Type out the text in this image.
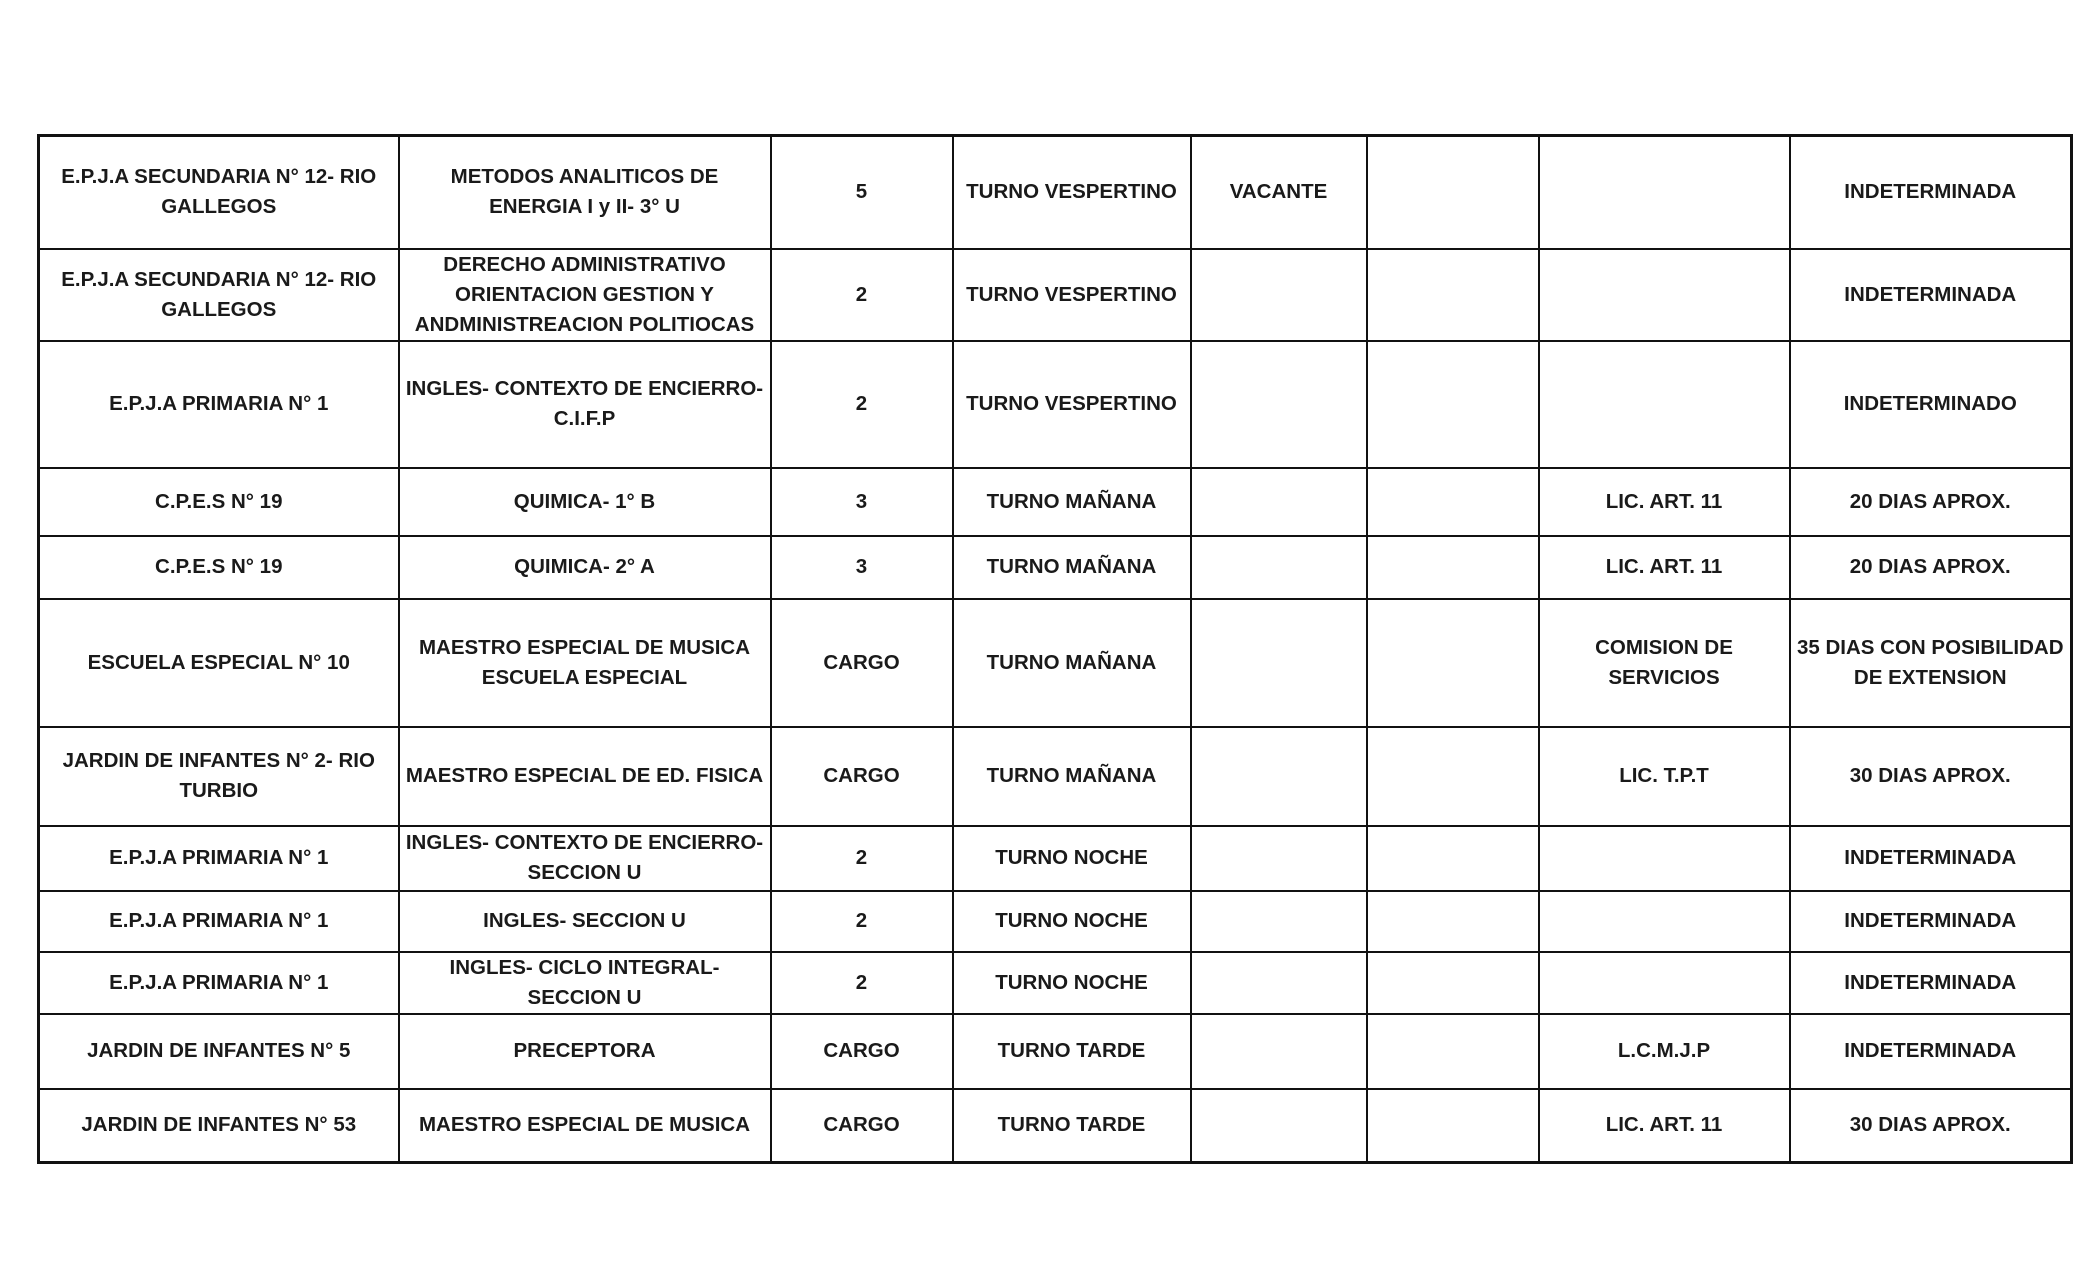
E.P.J.A SECUNDARIA N° 12- RIO GALLEGOS	METODOS ANALITICOS DE ENERGIA I y II- 3° U	5	TURNO VESPERTINO	VACANTE			INDETERMINADA
E.P.J.A SECUNDARIA N° 12- RIO GALLEGOS	DERECHO ADMINISTRATIVO ORIENTACION GESTION Y ANDMINISTREACION POLITIOCAS	2	TURNO VESPERTINO				INDETERMINADA
E.P.J.A PRIMARIA N° 1	INGLES- CONTEXTO DE ENCIERRO- C.I.F.P	2	TURNO VESPERTINO				INDETERMINADO
C.P.E.S N° 19	QUIMICA- 1° B	3	TURNO MAÑANA			LIC. ART. 11	20 DIAS APROX.
C.P.E.S N° 19	QUIMICA- 2° A	3	TURNO MAÑANA			LIC. ART. 11	20 DIAS APROX.
ESCUELA ESPECIAL N° 10	MAESTRO ESPECIAL DE MUSICA ESCUELA ESPECIAL	CARGO	TURNO MAÑANA			COMISION DE SERVICIOS	35 DIAS CON POSIBILIDAD DE EXTENSION
JARDIN DE INFANTES N° 2- RIO TURBIO	MAESTRO ESPECIAL DE ED. FISICA	CARGO	TURNO MAÑANA			LIC. T.P.T	30 DIAS APROX.
E.P.J.A PRIMARIA N° 1	INGLES- CONTEXTO DE ENCIERRO- SECCION U	2	TURNO NOCHE				INDETERMINADA
E.P.J.A PRIMARIA N° 1	INGLES- SECCION U	2	TURNO NOCHE				INDETERMINADA
E.P.J.A PRIMARIA N° 1	INGLES- CICLO INTEGRAL- SECCION U	2	TURNO NOCHE				INDETERMINADA
JARDIN DE INFANTES N° 5	PRECEPTORA	CARGO	TURNO TARDE			L.C.M.J.P	INDETERMINADA
JARDIN DE INFANTES N° 53	MAESTRO ESPECIAL DE MUSICA	CARGO	TURNO TARDE			LIC. ART. 11	30 DIAS APROX.
